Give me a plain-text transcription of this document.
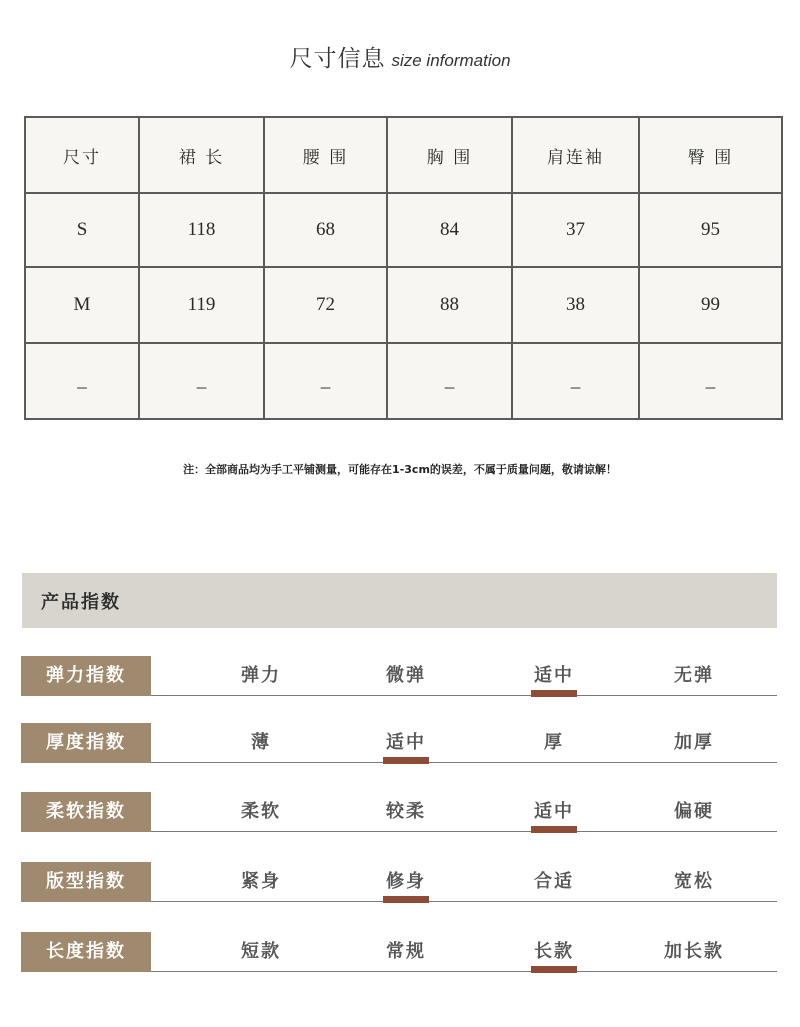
尺寸信息 size information
尺寸	裙 长	腰 围	胸 围	肩连袖	臀 围
S	118	68	84	37	95
M	119	72	88	38	99
_	_	_	_	_	_
注：全部商品均为手工平铺测量，可能存在1-3cm的误差，不属于质量问题，敬请谅解！
产品指数
弹力指数	弹力	微弹	适中	无弹
厚度指数	薄	适中	厚	加厚
柔软指数	柔软	较柔	适中	偏硬
版型指数	紧身	修身	合适	宽松
长度指数	短款	常规	长款	加长款
